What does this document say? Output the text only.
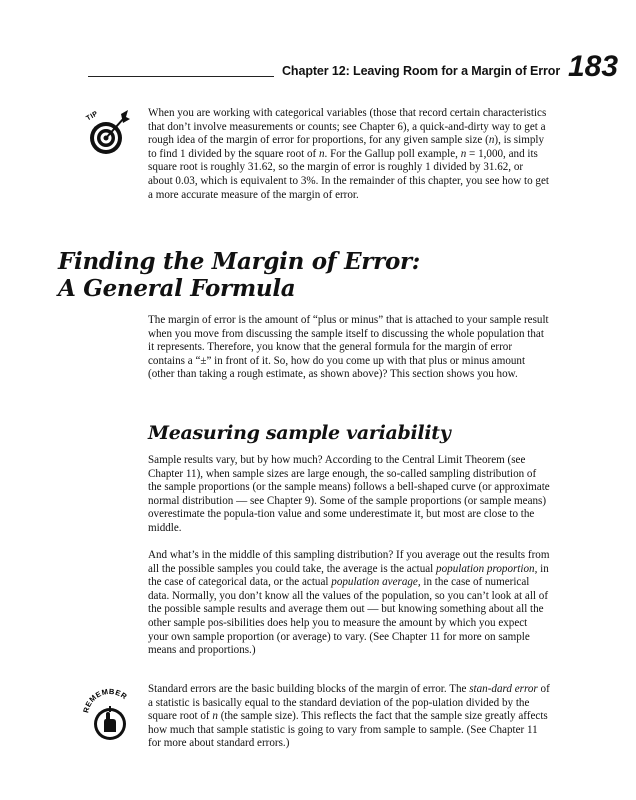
Chapter 12: Leaving Room for a Margin of Error 183
TIP	When you are working with categorical variables (those that record certain characteristics that don’t involve measurements or counts; see Chapter 6), a quick-and-dirty way to get a rough idea of the margin of error for proportions, for any given sample size (n), is simply to find 1 divided by the square root of n. For the Gallup poll example, n = 1,000, and its square root is roughly 31.62, so the margin of error is roughly 1 divided by 31.62, or about 0.03, which is equivalent to 3%. In the remainder of this chapter, you see how to get a more accurate measure of the margin of error.

Finding the Margin of Error:
A General Formula

The margin of error is the amount of “plus or minus” that is attached to your sample result when you move from discussing the sample itself to discussing the whole population that it represents. Therefore, you know that the general formula for the margin of error contains a “±” in front of it. So, how do you come up with that plus or minus amount (other than taking a rough estimate, as shown above)? This section shows you how.

Measuring sample variability

Sample results vary, but by how much? According to the Central Limit Theorem (see Chapter 11), when sample sizes are large enough, the so-called sampling distribution of the sample proportions (or the sample means) follows a bell-shaped curve (or approximate normal distribution — see Chapter 9). Some of the sample proportions (or sample means) overestimate the popula-tion value and some underestimate it, but most are close to the middle.

And what’s in the middle of this sampling distribution? If you average out the results from all the possible samples you could take, the average is the actual population proportion, in the case of categorical data, or the actual population average, in the case of numerical data. Normally, you don’t know all the values of the population, so you can’t look at all of the possible sample results and average them out — but knowing something about all the other sample pos-sibilities does help you to measure the amount by which you expect your own sample proportion (or average) to vary. (See Chapter 11 for more on sample means and proportions.)

REMEMBER

Standard errors are the basic building blocks of the margin of error. The stan-dard error of a statistic is basically equal to the standard deviation of the pop-ulation divided by the square root of n (the sample size). This reflects the fact that the sample size greatly affects how much that sample statistic is going to vary from sample to sample. (See Chapter 11 for more about standard errors.)
